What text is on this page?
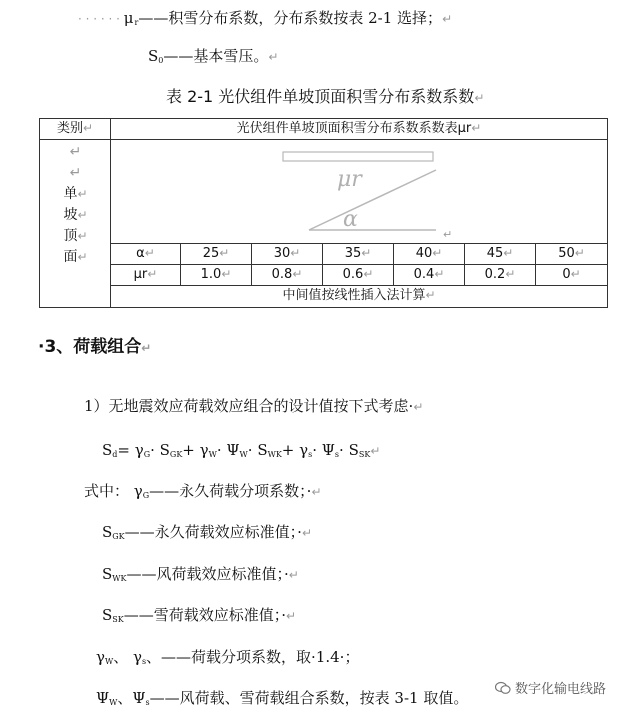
· · · · · · $\mu_r——$积雪分布系数，分布系数按表 2-1 选择；↵
$S_0——$基本雪压。↵
表 2-1 光伏组件单坡顶面积雪分布系数系数↵
类别↵	光伏组件单坡顶面积雪分布系数系数表μr↵
↵
↵
单↵
坡↵
顶↵
面↵
μr
α
↵
α↵	25↵	30↵	35↵	40↵	45↵	50↵
μr↵	1.0↵	0.8↵	0.6↵	0.4↵	0.2↵	0↵
中间值按线性插入法计算↵
·3、荷载组合↵
1）无地震效应荷载效应组合的设计值按下式考虑·↵
$S_d= \gamma_G\cdot S_{GK}+ \gamma_W\cdot \Psi_W\cdot S_{WK}+ \gamma_s\cdot \Psi_s\cdot$ $S_{SK}↵$
式中： $\gamma_G——$永久荷载分项系数；·↵
$S_{GK}——$永久荷载效应标准值；·↵
$S_{WK}——$风荷载效应标准值；·↵
$S_{SK}——$雪荷载效应标准值；·↵
$\gamma_W$、 $\gamma_s$、——荷载分项系数，取·1.4·；
$\Psi_W$、$\Psi_s——$风荷载、雪荷载组合系数，按表 3-1 取值。	数字化输电线路
